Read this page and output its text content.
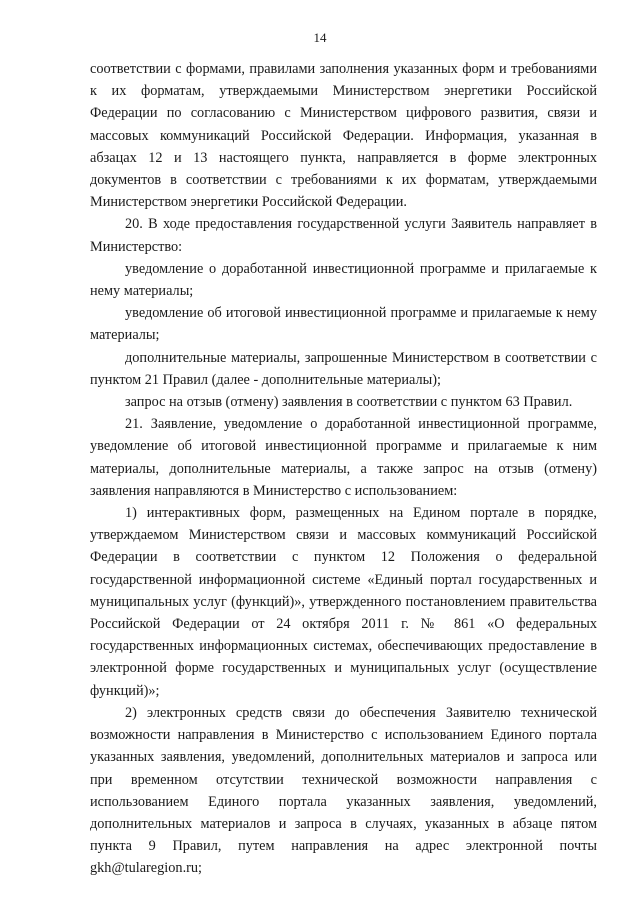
14

соответствии с формами, правилами заполнения указанных форм и требованиями к их форматам, утверждаемыми Министерством энергетики Российской Федерации по согласованию с Министерством цифрового развития, связи и массовых коммуникаций Российской Федерации. Информация, указанная в абзацах 12 и 13 настоящего пункта, направляется в форме электронных документов в соответствии с требованиями к их форматам, утверждаемыми Министерством энергетики Российской Федерации.

20. В ходе предоставления государственной услуги Заявитель направляет в Министерство:

уведомление о доработанной инвестиционной программе и прилагаемые к нему материалы;

уведомление об итоговой инвестиционной программе и прилагаемые к нему материалы;

дополнительные материалы, запрошенные Министерством в соответствии с пунктом 21 Правил (далее - дополнительные материалы);

запрос на отзыв (отмену) заявления в соответствии с пунктом 63 Правил.

21. Заявление, уведомление о доработанной инвестиционной программе, уведомление об итоговой инвестиционной программе и прилагаемые к ним материалы, дополнительные материалы, а также запрос на отзыв (отмену) заявления направляются в Министерство с использованием:

1) интерактивных форм, размещенных на Едином портале в порядке, утверждаемом Министерством связи и массовых коммуникаций Российской Федерации в соответствии с пунктом 12 Положения о федеральной государственной информационной системе «Единый портал государственных и муниципальных услуг (функций)», утвержденного постановлением правительства Российской Федерации от 24 октября 2011 г. № 861 «О федеральных государственных информационных системах, обеспечивающих предоставление в электронной форме государственных и муниципальных услуг (осуществление функций)»;

2) электронных средств связи до обеспечения Заявителю технической возможности направления в Министерство с использованием Единого портала указанных заявления, уведомлений, дополнительных материалов и запроса или при временном отсутствии технической возможности направления с использованием Единого портала указанных заявления, уведомлений, дополнительных материалов и запроса в случаях, указанных в абзаце пятом пункта 9 Правил, путем направления на адрес электронной почты gkh@tularegion.ru;
